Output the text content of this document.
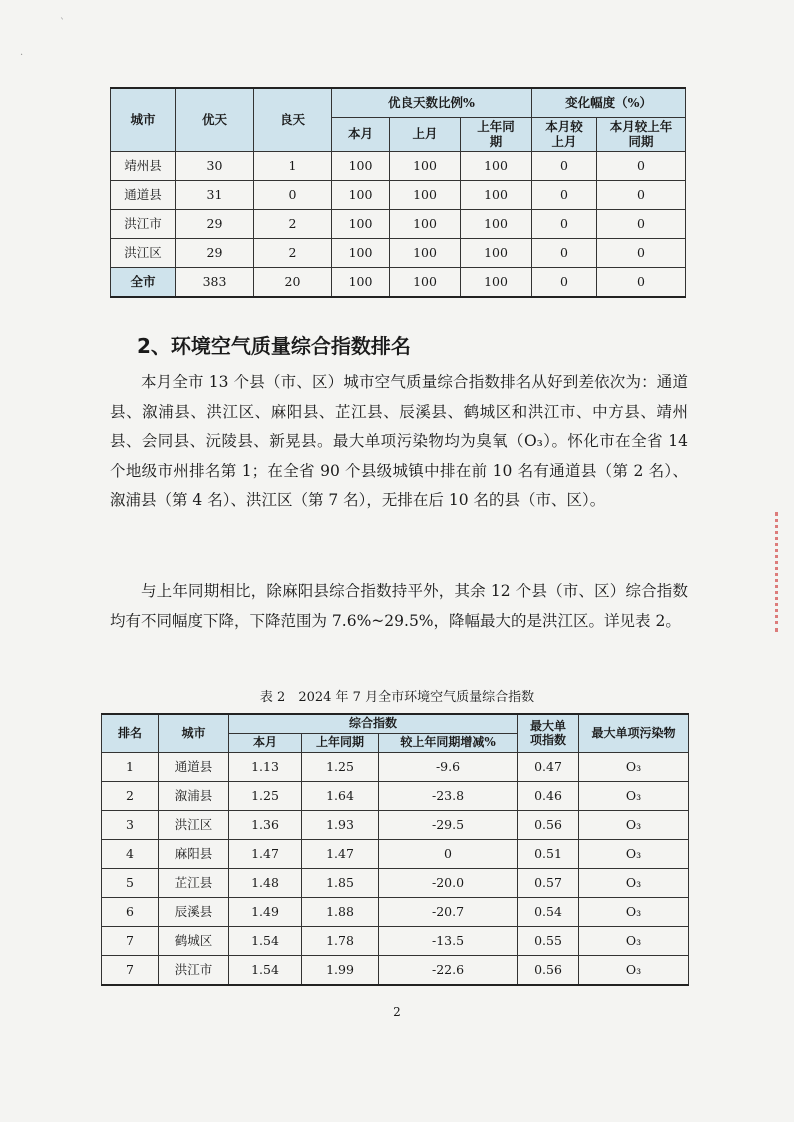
`
·
城市	优天	良天	优良天数比例%			变化幅度（%）	
			本月	上月	上年同期	本月较上月	本月较上年同期
靖州县	30	1	100	100	100	0	0
通道县	31	0	100	100	100	0	0
洪江市	29	2	100	100	100	0	0
洪江区	29	2	100	100	100	0	0
全市	383	20	100	100	100	0	0
2、环境空气质量综合指数排名

本月全市 13 个县（市、区）城市空气质量综合指数排名从好到差依次为：通道县、溆浦县、洪江区、麻阳县、芷江县、辰溪县、鹤城区和洪江市、中方县、靖州县、会同县、沅陵县、新晃县。最大单项污染物均为臭氧（O₃）。怀化市在全省 14 个地级市州排名第 1；在全省 90 个县级城镇中排在前 10 名有通道县（第 2 名）、溆浦县（第 4 名）、洪江区（第 7 名），无排在后 10 名的县（市、区）。

与上年同期相比，除麻阳县综合指数持平外，其余 12 个县（市、区）综合指数均有不同幅度下降，下降范围为 7.6%~29.5%，降幅最大的是洪江区。详见表 2。

表 2　2024 年 7 月全市环境空气质量综合指数
排名	城市	综合指数			最大单项指数	最大单项污染物
		本月	上年同期	较上年同期增减%		
1	通道县	1.13	1.25	-9.6	0.47	O₃
2	溆浦县	1.25	1.64	-23.8	0.46	O₃
3	洪江区	1.36	1.93	-29.5	0.56	O₃
4	麻阳县	1.47	1.47	0	0.51	O₃
5	芷江县	1.48	1.85	-20.0	0.57	O₃
6	辰溪县	1.49	1.88	-20.7	0.54	O₃
7	鹤城区	1.54	1.78	-13.5	0.55	O₃
7	洪江市	1.54	1.99	-22.6	0.56	O₃
2
